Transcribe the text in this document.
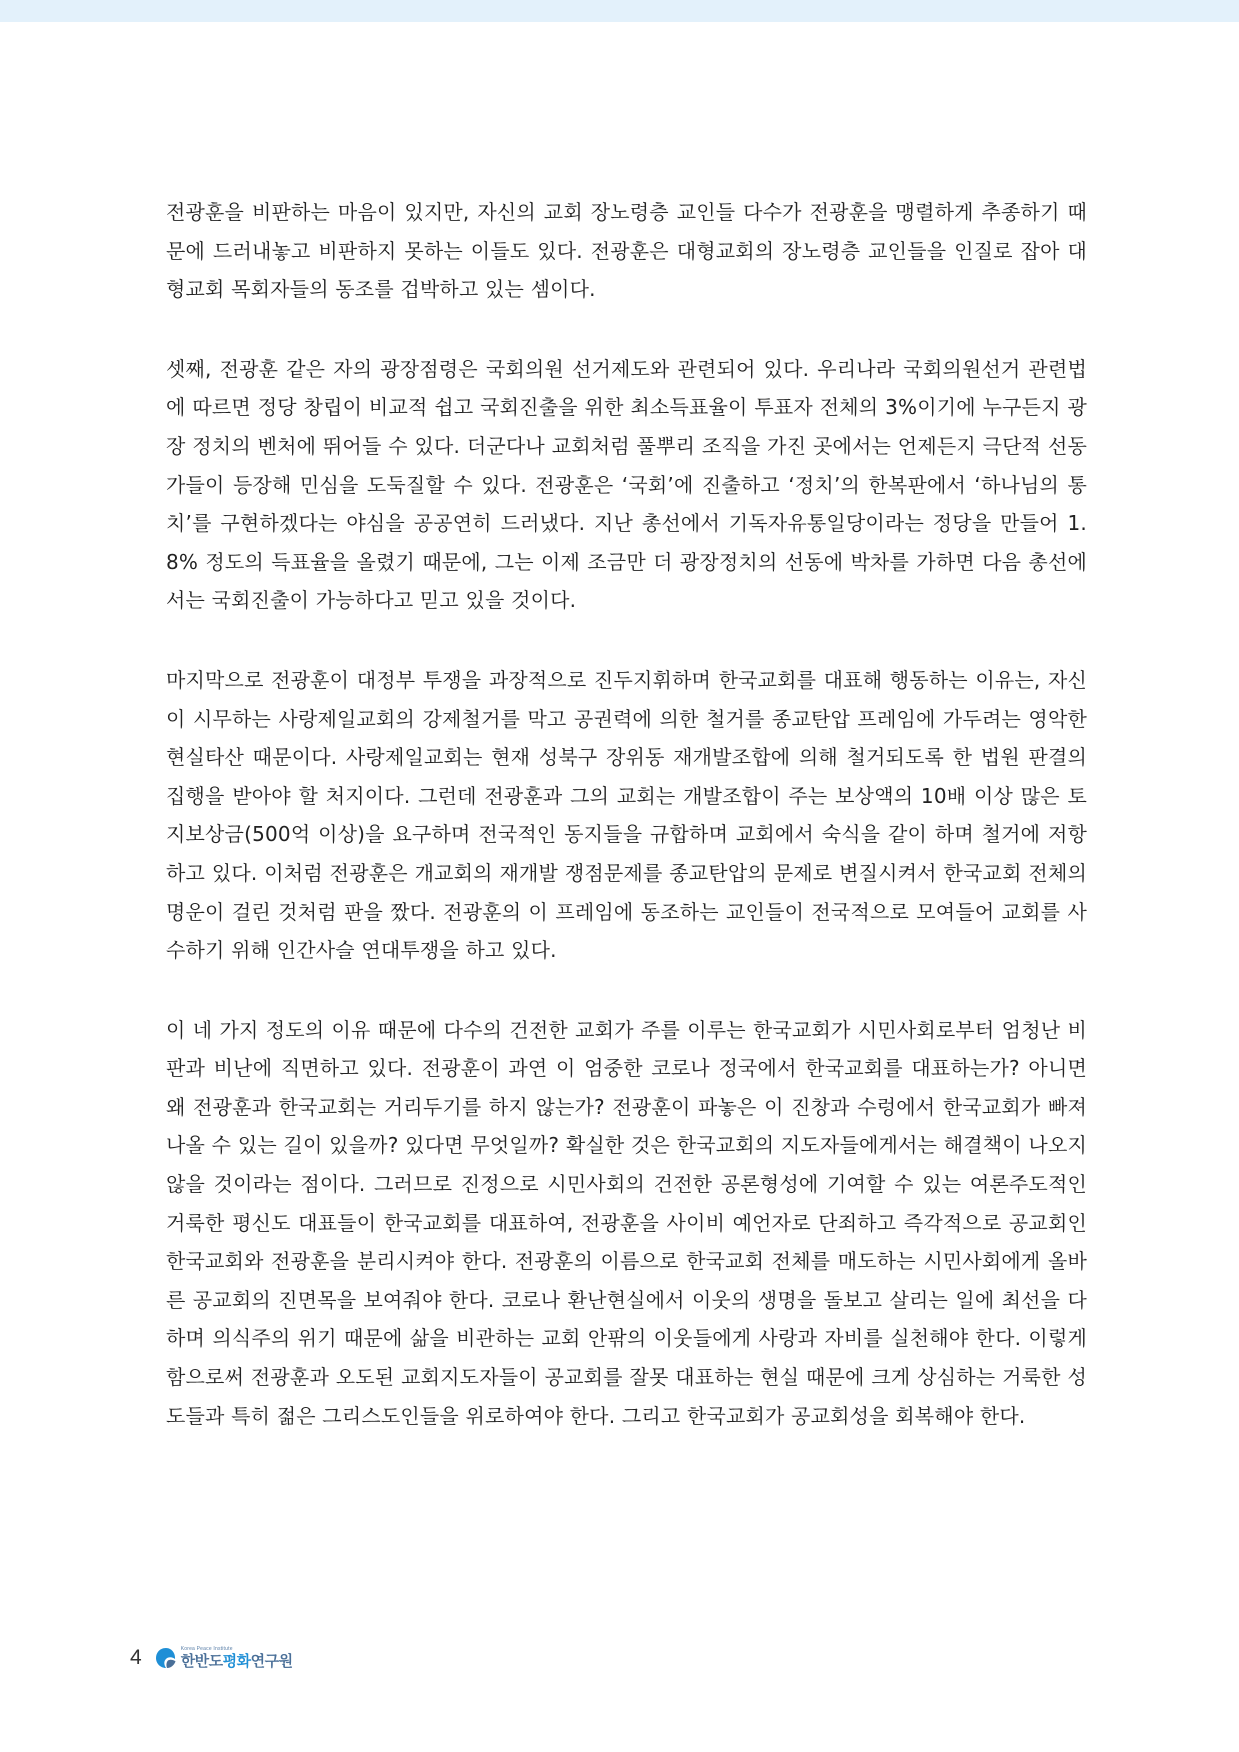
전광훈을 비판하는 마음이 있지만, 자신의 교회 장노령층 교인들 다수가 전광훈을 맹렬하게 추종하기 때문에 드러내놓고 비판하지 못하는 이들도 있다. 전광훈은 대형교회의 장노령층 교인들을 인질로 잡아 대형교회 목회자들의 동조를 겁박하고 있는 셈이다.

셋째, 전광훈 같은 자의 광장점령은 국회의원 선거제도와 관련되어 있다. 우리나라 국회의원선거 관련법에 따르면 정당 창립이 비교적 쉽고 국회진출을 위한 최소득표율이 투표자 전체의 3%이기에 누구든지 광장 정치의 벤처에 뛰어들 수 있다. 더군다나 교회처럼 풀뿌리 조직을 가진 곳에서는 언제든지 극단적 선동가들이 등장해 민심을 도둑질할 수 있다. 전광훈은 ‘국회’에 진출하고 ‘정치’의 한복판에서 ‘하나님의 통치’를 구현하겠다는 야심을 공공연히 드러냈다. 지난 총선에서 기독자유통일당이라는 정당을 만들어 1.8% 정도의 득표율을 올렸기 때문에, 그는 이제 조금만 더 광장정치의 선동에 박차를 가하면 다음 총선에서는 국회진출이 가능하다고 믿고 있을 것이다.

마지막으로 전광훈이 대정부 투쟁을 과장적으로 진두지휘하며 한국교회를 대표해 행동하는 이유는, 자신이 시무하는 사랑제일교회의 강제철거를 막고 공권력에 의한 철거를 종교탄압 프레임에 가두려는 영악한 현실타산 때문이다. 사랑제일교회는 현재 성북구 장위동 재개발조합에 의해 철거되도록 한 법원 판결의 집행을 받아야 할 처지이다. 그런데 전광훈과 그의 교회는 개발조합이 주는 보상액의 10배 이상 많은 토지보상금(500억 이상)을 요구하며 전국적인 동지들을 규합하며 교회에서 숙식을 같이 하며 철거에 저항하고 있다. 이처럼 전광훈은 개교회의 재개발 쟁점문제를 종교탄압의 문제로 변질시켜서 한국교회 전체의 명운이 걸린 것처럼 판을 짰다. 전광훈의 이 프레임에 동조하는 교인들이 전국적으로 모여들어 교회를 사수하기 위해 인간사슬 연대투쟁을 하고 있다.

이 네 가지 정도의 이유 때문에 다수의 건전한 교회가 주를 이루는 한국교회가 시민사회로부터 엄청난 비판과 비난에 직면하고 있다. 전광훈이 과연 이 엄중한 코로나 정국에서 한국교회를 대표하는가? 아니면 왜 전광훈과 한국교회는 거리두기를 하지 않는가? 전광훈이 파놓은 이 진창과 수렁에서 한국교회가 빠져나올 수 있는 길이 있을까? 있다면 무엇일까? 확실한 것은 한국교회의 지도자들에게서는 해결책이 나오지 않을 것이라는 점이다. 그러므로 진정으로 시민사회의 건전한 공론형성에 기여할 수 있는 여론주도적인 거룩한 평신도 대표들이 한국교회를 대표하여, 전광훈을 사이비 예언자로 단죄하고 즉각적으로 공교회인 한국교회와 전광훈을 분리시켜야 한다. 전광훈의 이름으로 한국교회 전체를 매도하는 시민사회에게 올바른 공교회의 진면목을 보여줘야 한다. 코로나 환난현실에서 이웃의 생명을 돌보고 살리는 일에 최선을 다하며 의식주의 위기 때문에 삶을 비관하는 교회 안팎의 이웃들에게 사랑과 자비를 실천해야 한다. 이렇게 함으로써 전광훈과 오도된 교회지도자들이 공교회를 잘못 대표하는 현실 때문에 크게 상심하는 거룩한 성도들과 특히 젊은 그리스도인들을 위로하여야 한다. 그리고 한국교회가 공교회성을 회복해야 한다.

4	Korea Peace Institute
한반도평화연구원
